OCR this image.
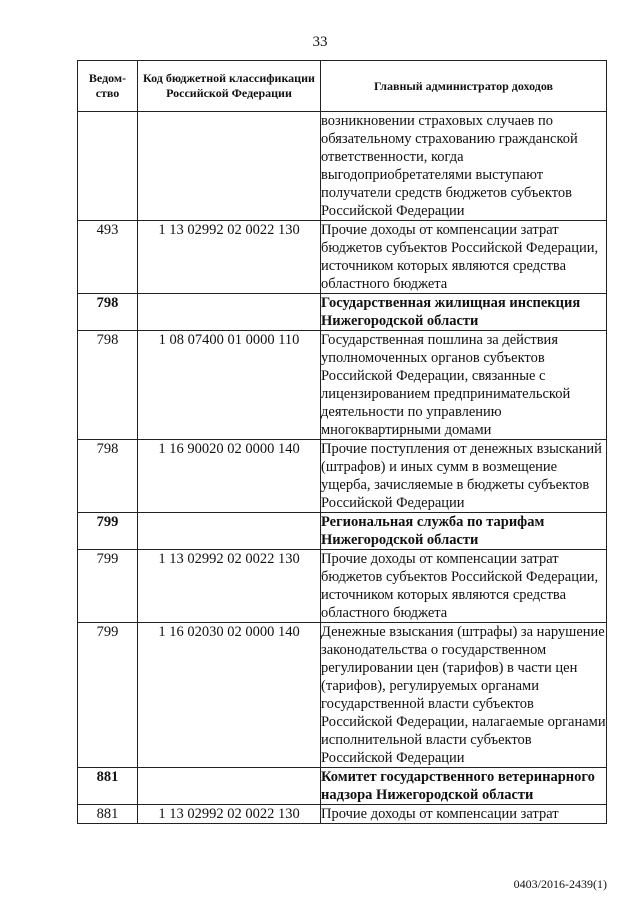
33
Ведом-ство	Код бюджетной классификации Российской Федерации	Главный администратор доходов
		возникновении страховых случаев по обязательному страхованию гражданской ответственности, когда выгодоприобретателями выступают получатели средств бюджетов субъектов Российской Федерации
493	1 13 02992 02 0022 130	Прочие доходы от компенсации затрат бюджетов субъектов Российской Федерации, источником которых являются средства областного бюджета
798		Государственная жилищная инспекция Нижегородской области
798	1 08 07400 01 0000 110	Государственная пошлина за действия уполномоченных органов субъектов Российской Федерации, связанные с лицензированием предпринимательской деятельности по управлению многоквартирными домами
798	1 16 90020 02 0000 140	Прочие поступления от денежных взысканий (штрафов) и иных сумм в возмещение ущерба, зачисляемые в бюджеты субъектов Российской Федерации
799		Региональная служба по тарифам Нижегородской области
799	1 13 02992 02 0022 130	Прочие доходы от компенсации затрат бюджетов субъектов Российской Федерации, источником которых являются средства областного бюджета
799	1 16 02030 02 0000 140	Денежные взыскания (штрафы) за нарушение законодательства о государственном регулировании цен (тарифов) в части цен (тарифов), регулируемых органами государственной власти субъектов Российской Федерации, налагаемые органами исполнительной власти субъектов Российской Федерации
881		Комитет государственного ветеринарного надзора Нижегородской области
881	1 13 02992 02 0022 130	Прочие доходы от компенсации затрат
0403/2016-2439(1)
